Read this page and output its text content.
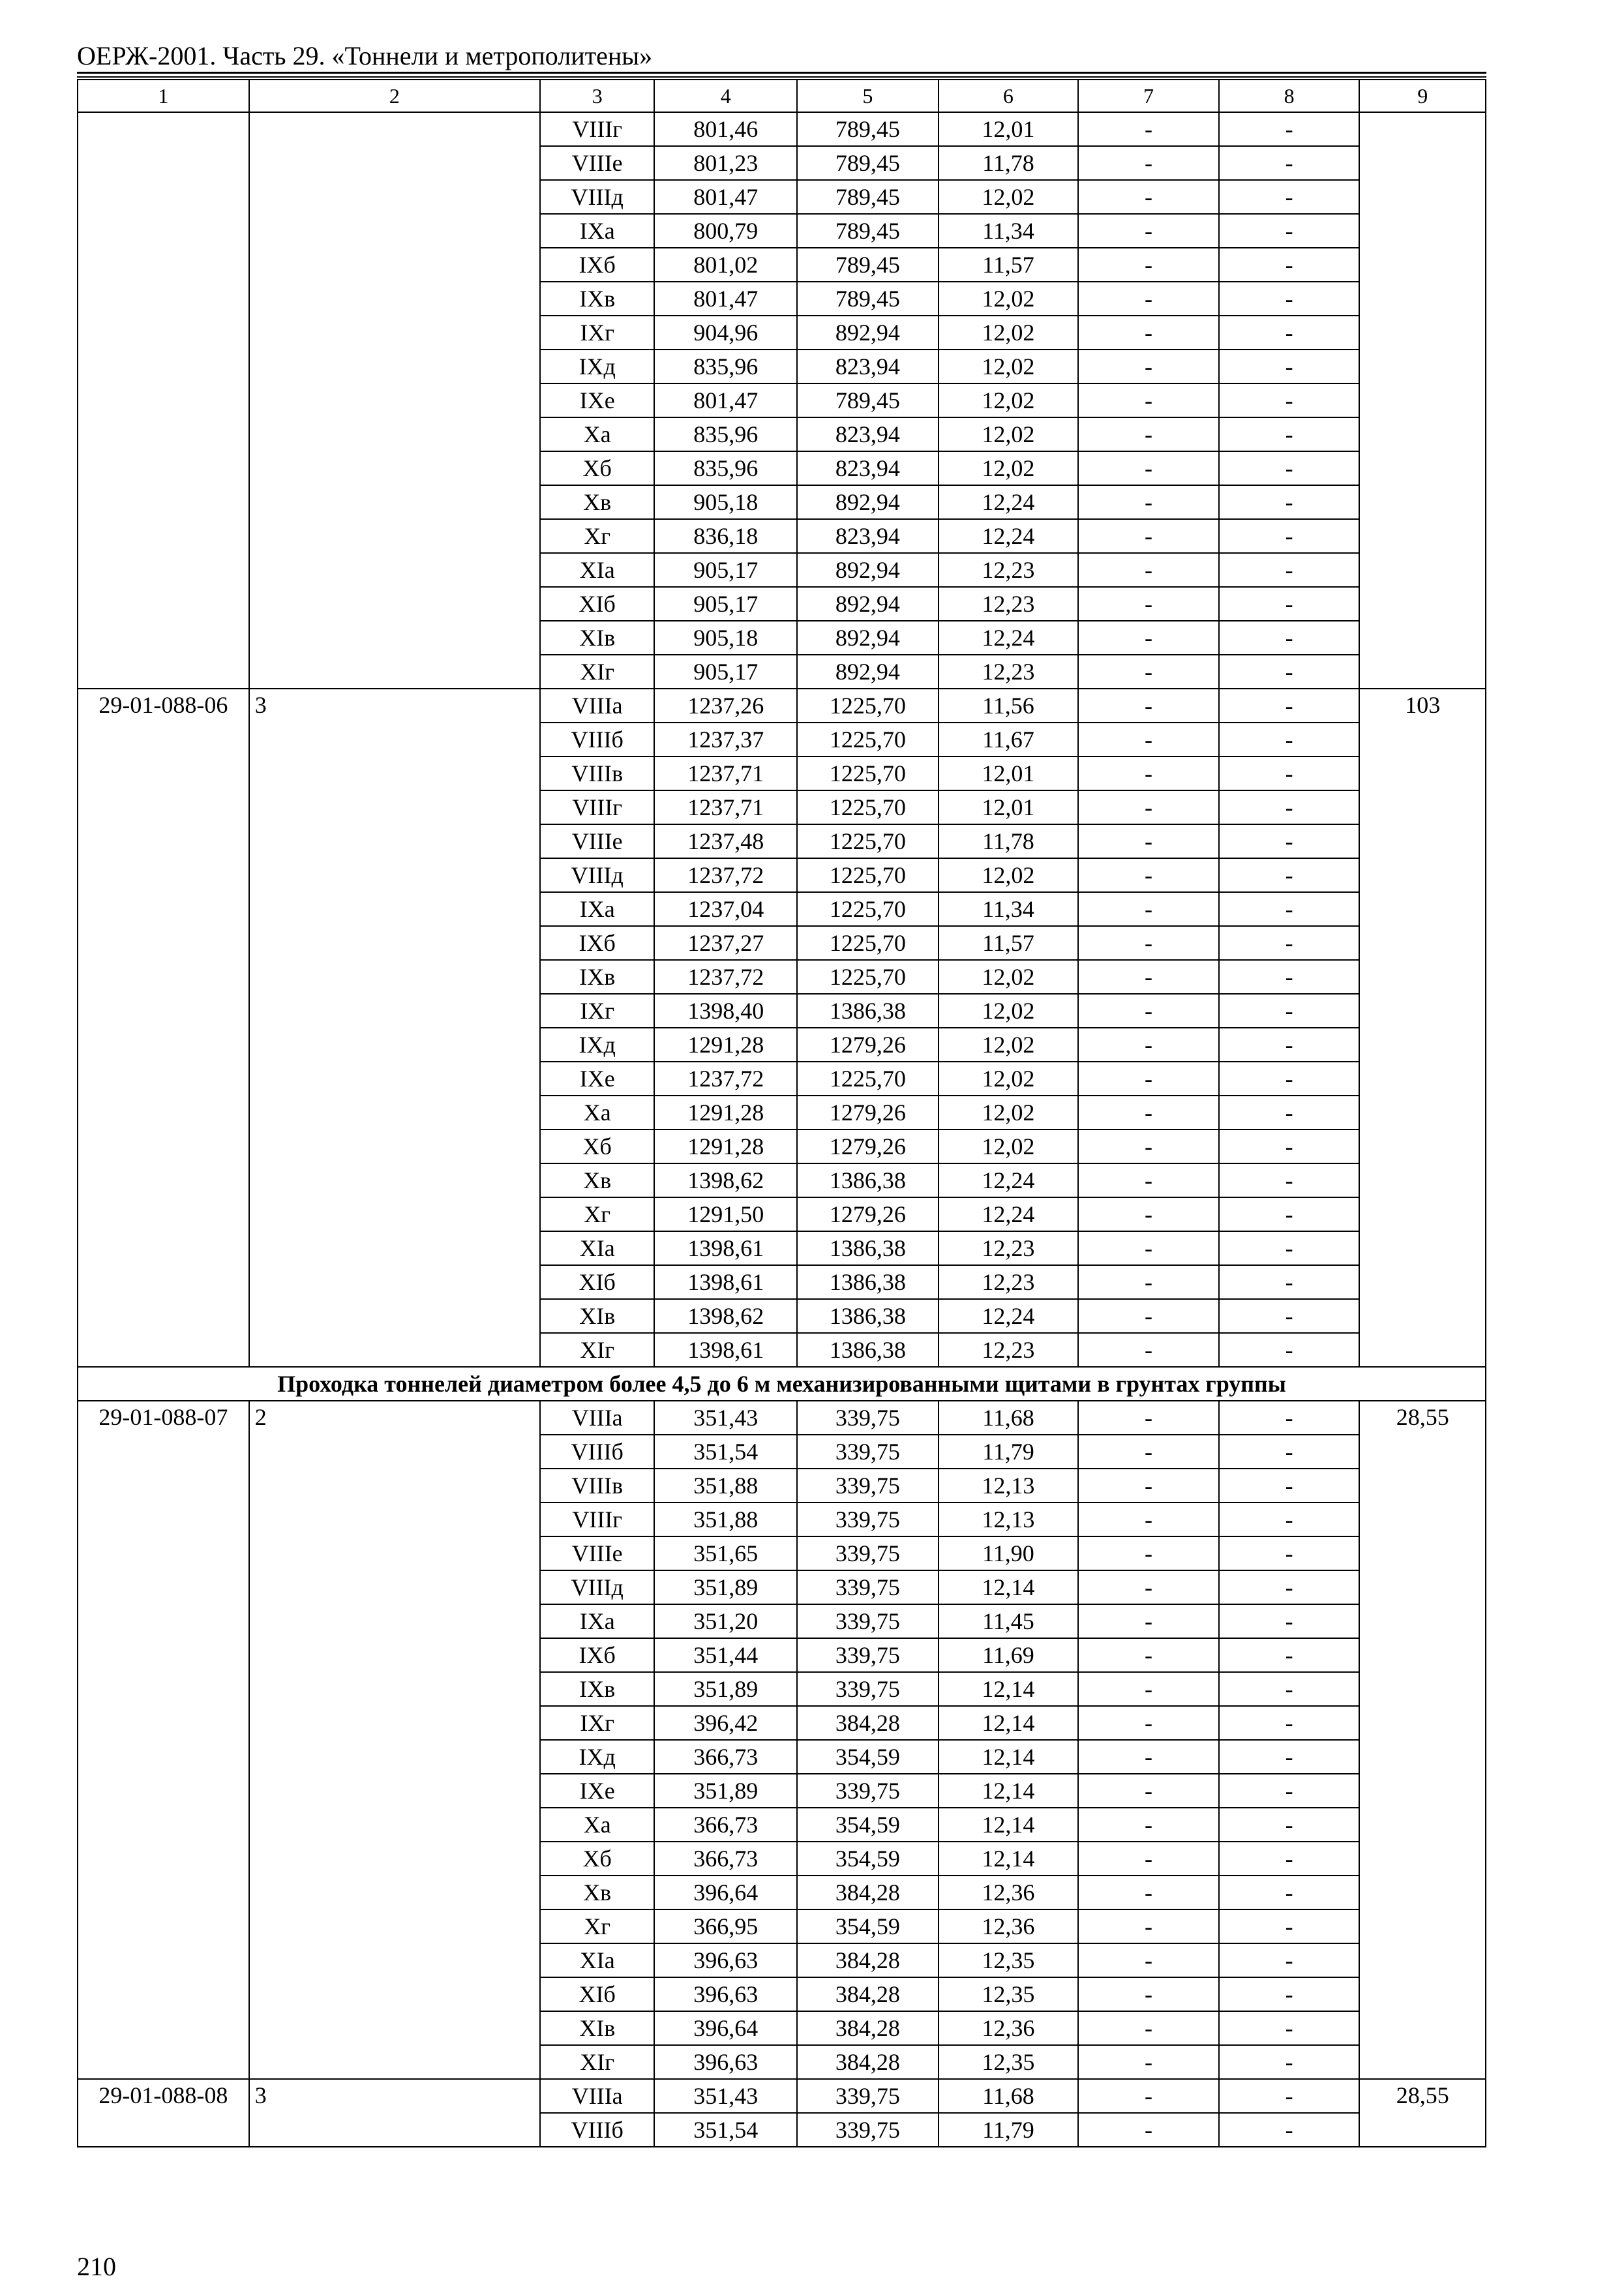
ОЕРЖ-2001. Часть 29. «Тоннели и метрополитены»
1	2	3	4	5	6	7	8	9
		VIIIг	801,46	789,45	12,01	-	-	
		VIIIе	801,23	789,45	11,78	-	-	
		VIIIд	801,47	789,45	12,02	-	-	
		IXа	800,79	789,45	11,34	-	-	
		IXб	801,02	789,45	11,57	-	-	
		IXв	801,47	789,45	12,02	-	-	
		IXг	904,96	892,94	12,02	-	-	
		IXд	835,96	823,94	12,02	-	-	
		IXе	801,47	789,45	12,02	-	-	
		Xа	835,96	823,94	12,02	-	-	
		Xб	835,96	823,94	12,02	-	-	
		Xв	905,18	892,94	12,24	-	-	
		Xг	836,18	823,94	12,24	-	-	
		XIа	905,17	892,94	12,23	-	-	
		XIб	905,17	892,94	12,23	-	-	
		XIв	905,18	892,94	12,24	-	-	
		XIг	905,17	892,94	12,23	-	-	
29-01-088-06	3	VIIIа	1237,26	1225,70	11,56	-	-	103
		VIIIб	1237,37	1225,70	11,67	-	-	
		VIIIв	1237,71	1225,70	12,01	-	-	
		VIIIг	1237,71	1225,70	12,01	-	-	
		VIIIе	1237,48	1225,70	11,78	-	-	
		VIIIд	1237,72	1225,70	12,02	-	-	
		IXа	1237,04	1225,70	11,34	-	-	
		IXб	1237,27	1225,70	11,57	-	-	
		IXв	1237,72	1225,70	12,02	-	-	
		IXг	1398,40	1386,38	12,02	-	-	
		IXд	1291,28	1279,26	12,02	-	-	
		IXе	1237,72	1225,70	12,02	-	-	
		Xа	1291,28	1279,26	12,02	-	-	
		Xб	1291,28	1279,26	12,02	-	-	
		Xв	1398,62	1386,38	12,24	-	-	
		Xг	1291,50	1279,26	12,24	-	-	
		XIа	1398,61	1386,38	12,23	-	-	
		XIб	1398,61	1386,38	12,23	-	-	
		XIв	1398,62	1386,38	12,24	-	-	
		XIг	1398,61	1386,38	12,23	-	-	
Проходка тоннелей диаметром более 4,5 до 6 м механизированными щитами в грунтах группы								
29-01-088-07	2	VIIIа	351,43	339,75	11,68	-	-	28,55
		VIIIб	351,54	339,75	11,79	-	-	
		VIIIв	351,88	339,75	12,13	-	-	
		VIIIг	351,88	339,75	12,13	-	-	
		VIIIе	351,65	339,75	11,90	-	-	
		VIIIд	351,89	339,75	12,14	-	-	
		IXа	351,20	339,75	11,45	-	-	
		IXб	351,44	339,75	11,69	-	-	
		IXв	351,89	339,75	12,14	-	-	
		IXг	396,42	384,28	12,14	-	-	
		IXд	366,73	354,59	12,14	-	-	
		IXе	351,89	339,75	12,14	-	-	
		Xа	366,73	354,59	12,14	-	-	
		Xб	366,73	354,59	12,14	-	-	
		Xв	396,64	384,28	12,36	-	-	
		Xг	366,95	354,59	12,36	-	-	
		XIа	396,63	384,28	12,35	-	-	
		XIб	396,63	384,28	12,35	-	-	
		XIв	396,64	384,28	12,36	-	-	
		XIг	396,63	384,28	12,35	-	-	
29-01-088-08	3	VIIIа	351,43	339,75	11,68	-	-	28,55
		VIIIб	351,54	339,75	11,79	-	-	
210
